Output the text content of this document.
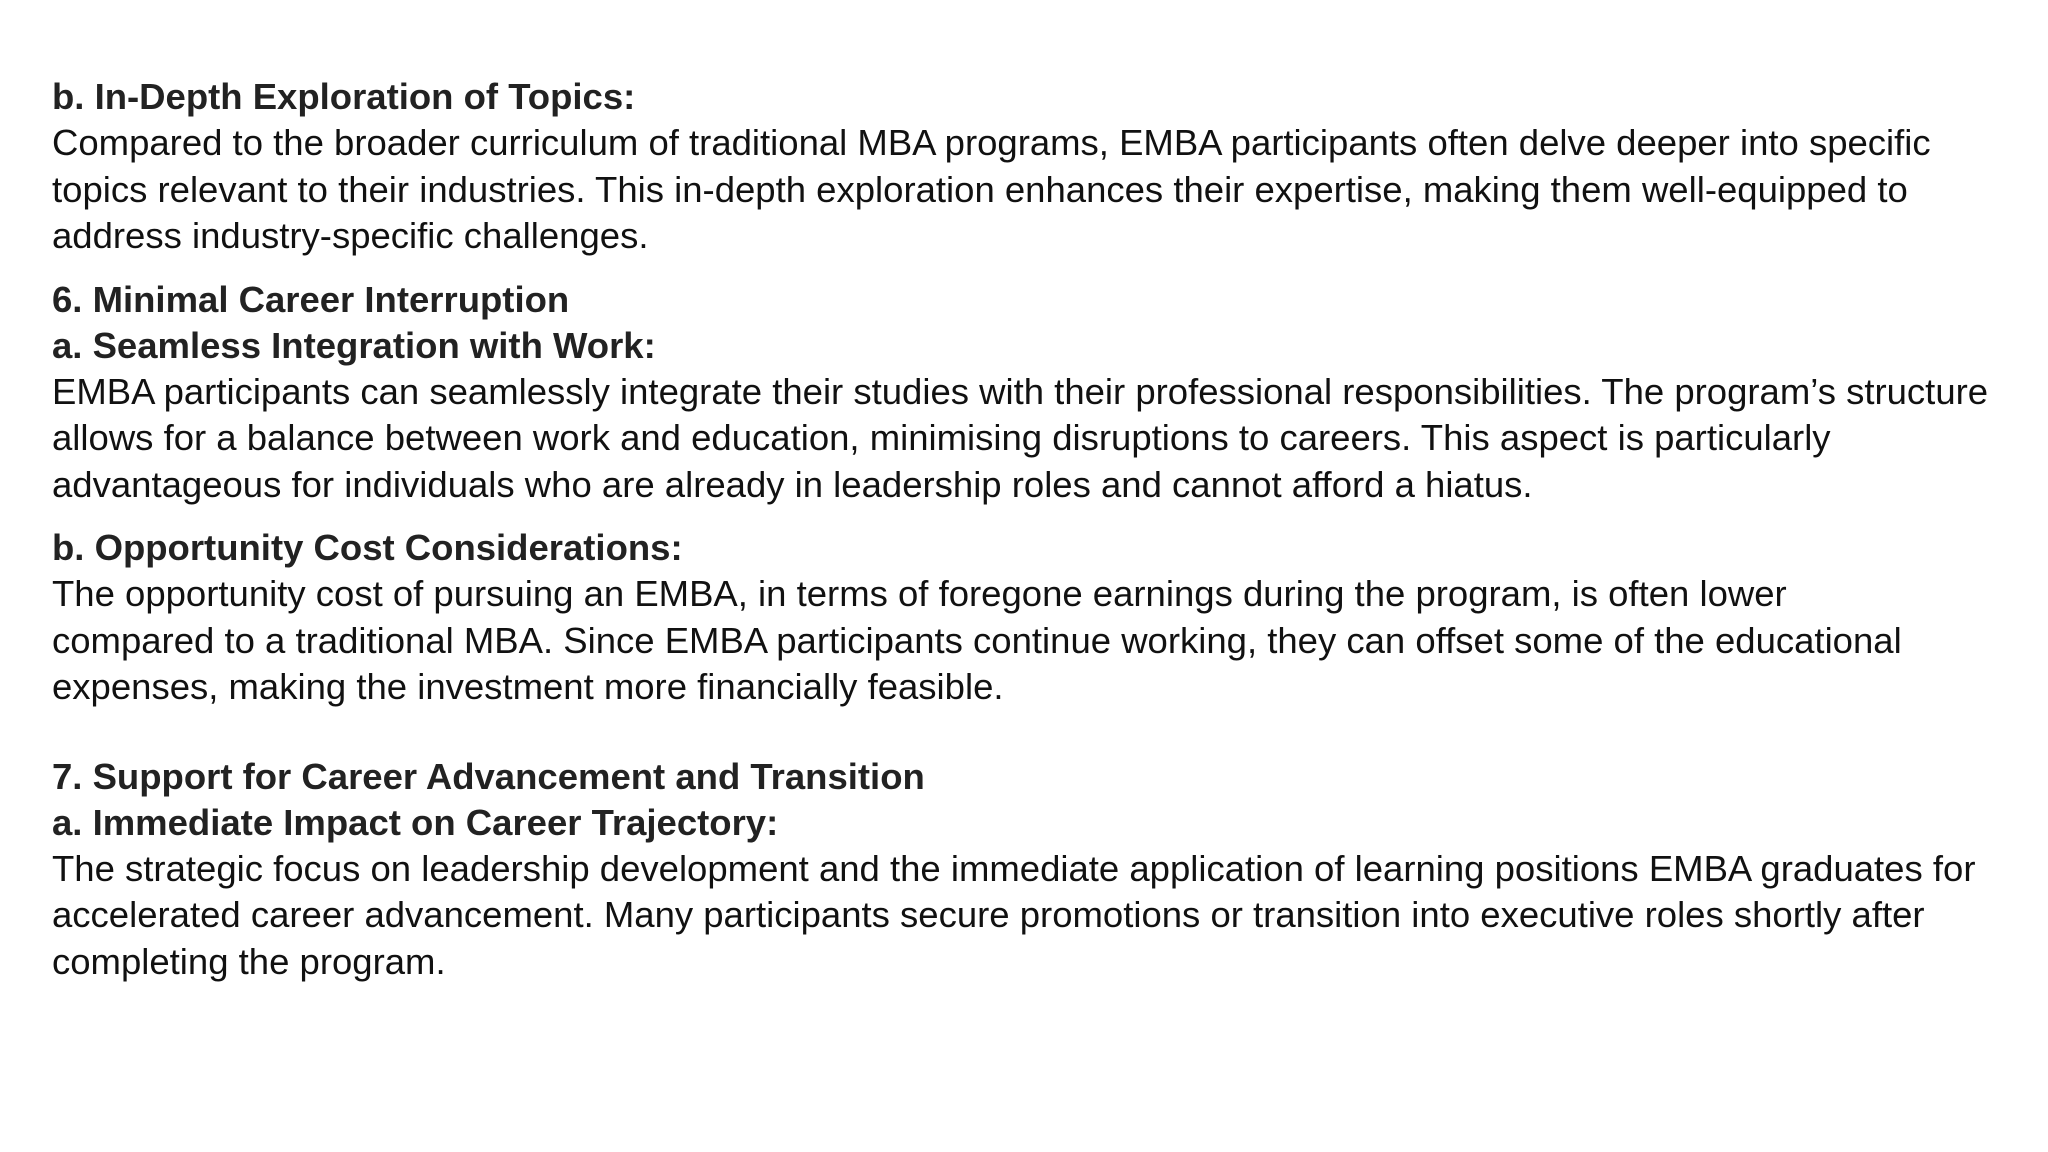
b. In-Depth Exploration of Topics:

Compared to the broader curriculum of traditional MBA programs, EMBA participants often delve deeper into specific topics relevant to their industries. This in-depth exploration enhances their expertise, making them well-equipped to address industry-specific challenges.

6. Minimal Career Interruption

a. Seamless Integration with Work:

EMBA participants can seamlessly integrate their studies with their professional responsibilities. The program’s structure allows for a balance between work and education, minimising disruptions to careers. This aspect is particularly advantageous for individuals who are already in leadership roles and cannot afford a hiatus.

b. Opportunity Cost Considerations:

The opportunity cost of pursuing an EMBA, in terms of foregone earnings during the program, is often lower compared to a traditional MBA. Since EMBA participants continue working, they can offset some of the educational expenses, making the investment more financially feasible.

7. Support for Career Advancement and Transition

a. Immediate Impact on Career Trajectory:

The strategic focus on leadership development and the immediate application of learning positions EMBA graduates for accelerated career advancement. Many participants secure promotions or transition into executive roles shortly after completing the program.
